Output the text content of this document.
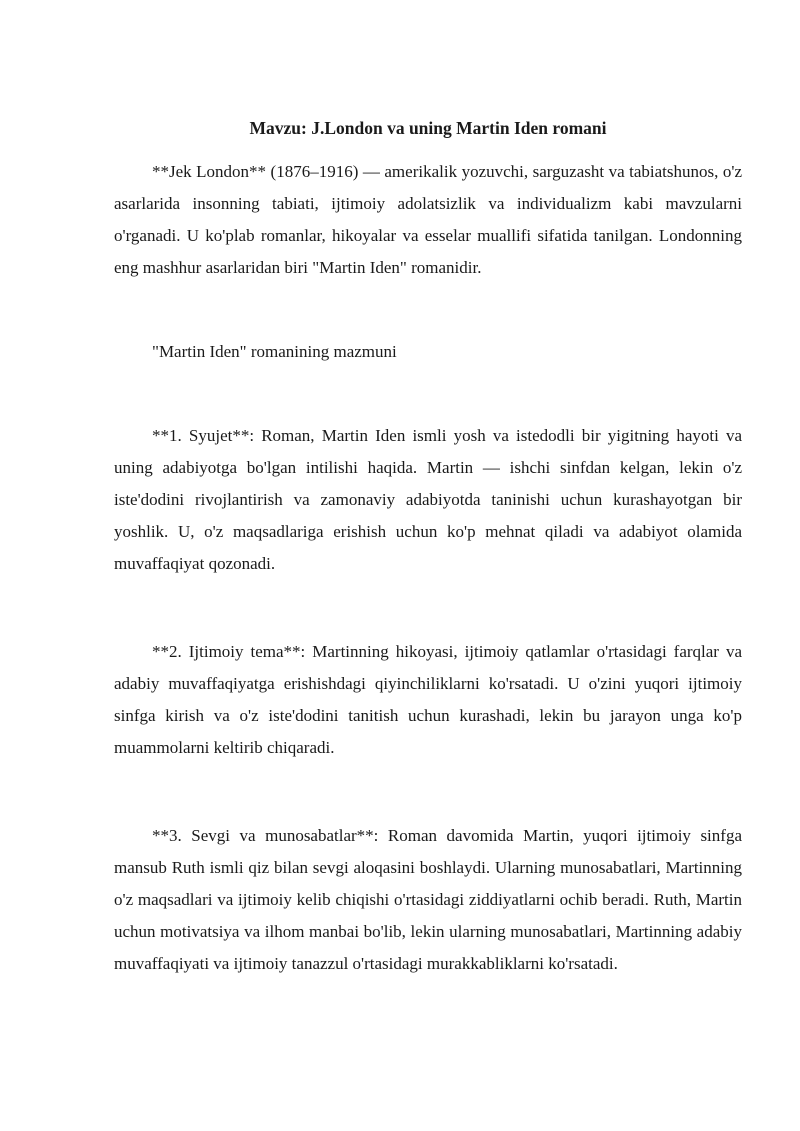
Mavzu: J.London va uning Martin Iden romani

**Jek London** (1876–1916) — amerikalik yozuvchi, sarguzasht va tabiatshunos, o'z asarlarida insonning tabiati, ijtimoiy adolatsizlik va individualizm kabi mavzularni o'rganadi. U ko'plab romanlar, hikoyalar va esselar muallifi sifatida tanilgan. Londonning eng mashhur asarlaridan biri "Martin Iden" romanidir.

"Martin Iden" romanining mazmuni

**1. Syujet**: Roman, Martin Iden ismli yosh va istedodli bir yigitning hayoti va uning adabiyotga bo'lgan intilishi haqida. Martin — ishchi sinfdan kelgan, lekin o'z iste'dodini rivojlantirish va zamonaviy adabiyotda taninishi uchun kurashayotgan bir yoshlik. U, o'z maqsadlariga erishish uchun ko'p mehnat qiladi va adabiyot olamida muvaffaqiyat qozonadi.

**2. Ijtimoiy tema**: Martinning hikoyasi, ijtimoiy qatlamlar o'rtasidagi farqlar va adabiy muvaffaqiyatga erishishdagi qiyinchiliklarni ko'rsatadi. U o'zini yuqori ijtimoiy sinfga kirish va o'z iste'dodini tanitish uchun kurashadi, lekin bu jarayon unga ko'p muammolarni keltirib chiqaradi.

**3. Sevgi va munosabatlar**: Roman davomida Martin, yuqori ijtimoiy sinfga mansub Ruth ismli qiz bilan sevgi aloqasini boshlaydi. Ularning munosabatlari, Martinning o'z maqsadlari va ijtimoiy kelib chiqishi o'rtasidagi ziddiyatlarni ochib beradi. Ruth, Martin uchun motivatsiya va ilhom manbai bo'lib, lekin ularning munosabatlari, Martinning adabiy muvaffaqiyati va ijtimoiy tanazzul o'rtasidagi murakkabliklarni ko'rsatadi.
